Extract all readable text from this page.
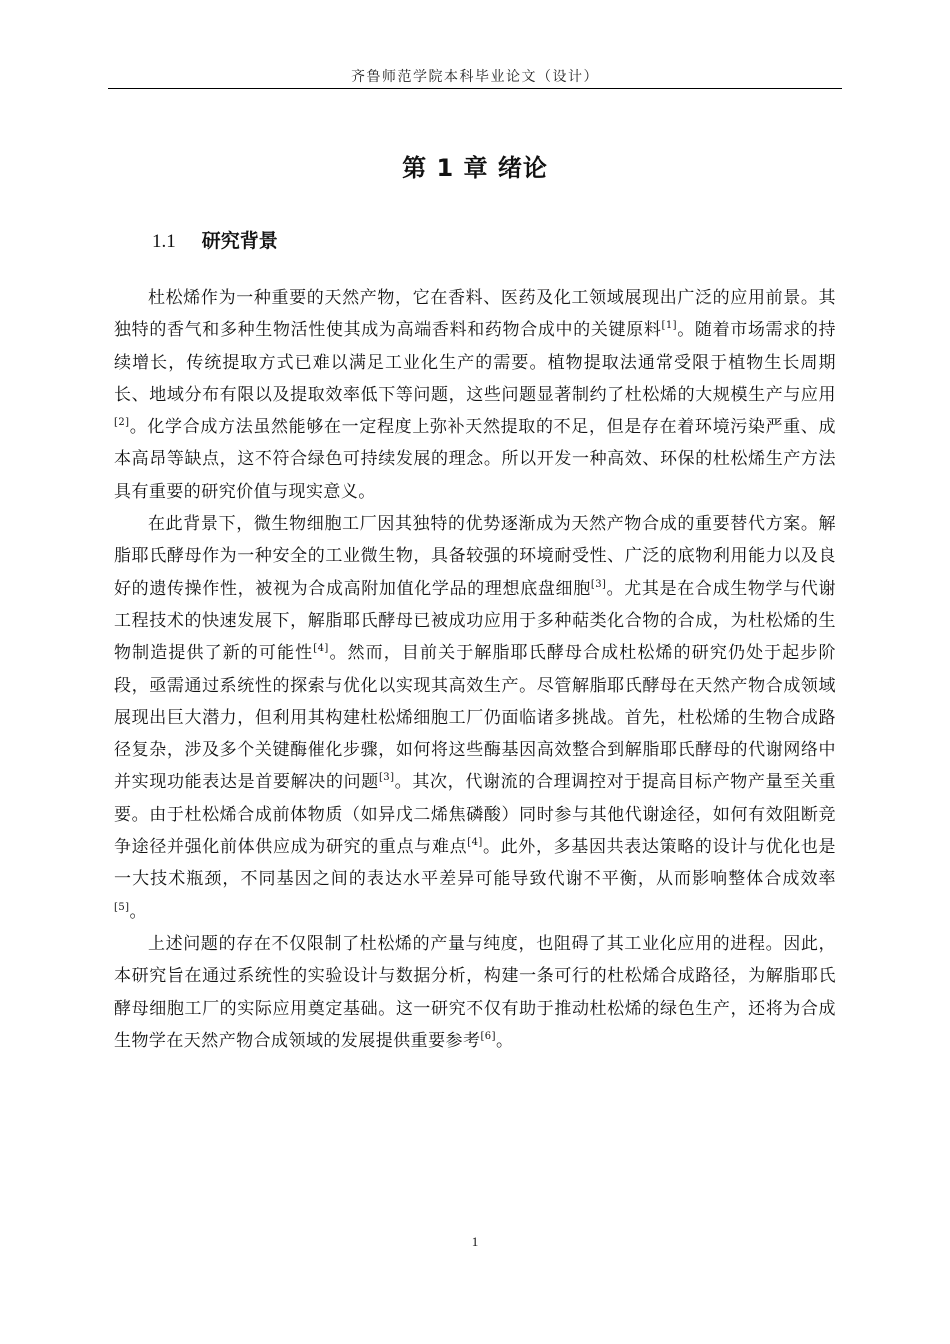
齐鲁师范学院本科毕业论文（设计）
第 1 章 绪论
1.1 研究背景

杜松烯作为一种重要的天然产物，它在香料、医药及化工领域展现出广泛的应用前景。其独特的香气和多种生物活性使其成为高端香料和药物合成中的关键原料[1]。随着市场需求的持续增长，传统提取方式已难以满足工业化生产的需要。植物提取法通常受限于植物生长周期长、地域分布有限以及提取效率低下等问题，这些问题显著制约了杜松烯的大规模生产与应用[2]。化学合成方法虽然能够在一定程度上弥补天然提取的不足，但是存在着环境污染严重、成本高昂等缺点，这不符合绿色可持续发展的理念。所以开发一种高效、环保的杜松烯生产方法具有重要的研究价值与现实意义。

在此背景下，微生物细胞工厂因其独特的优势逐渐成为天然产物合成的重要替代方案。解脂耶氏酵母作为一种安全的工业微生物，具备较强的环境耐受性、广泛的底物利用能力以及良好的遗传操作性，被视为合成高附加值化学品的理想底盘细胞[3]。尤其是在合成生物学与代谢工程技术的快速发展下，解脂耶氏酵母已被成功应用于多种萜类化合物的合成，为杜松烯的生物制造提供了新的可能性[4]。然而，目前关于解脂耶氏酵母合成杜松烯的研究仍处于起步阶段，亟需通过系统性的探索与优化以实现其高效生产。尽管解脂耶氏酵母在天然产物合成领域展现出巨大潜力，但利用其构建杜松烯细胞工厂仍面临诸多挑战。首先，杜松烯的生物合成路径复杂，涉及多个关键酶催化步骤，如何将这些酶基因高效整合到解脂耶氏酵母的代谢网络中并实现功能表达是首要解决的问题[3]。其次，代谢流的合理调控对于提高目标产物产量至关重要。由于杜松烯合成前体物质（如异戊二烯焦磷酸）同时参与其他代谢途径，如何有效阻断竞争途径并强化前体供应成为研究的重点与难点[4]。此外，多基因共表达策略的设计与优化也是一大技术瓶颈，不同基因之间的表达水平差异可能导致代谢不平衡，从而影响整体合成效率[5]。

上述问题的存在不仅限制了杜松烯的产量与纯度，也阻碍了其工业化应用的进程。因此，本研究旨在通过系统性的实验设计与数据分析，构建一条可行的杜松烯合成路径，为解脂耶氏酵母细胞工厂的实际应用奠定基础。这一研究不仅有助于推动杜松烯的绿色生产，还将为合成生物学在天然产物合成领域的发展提供重要参考[6]。

1
